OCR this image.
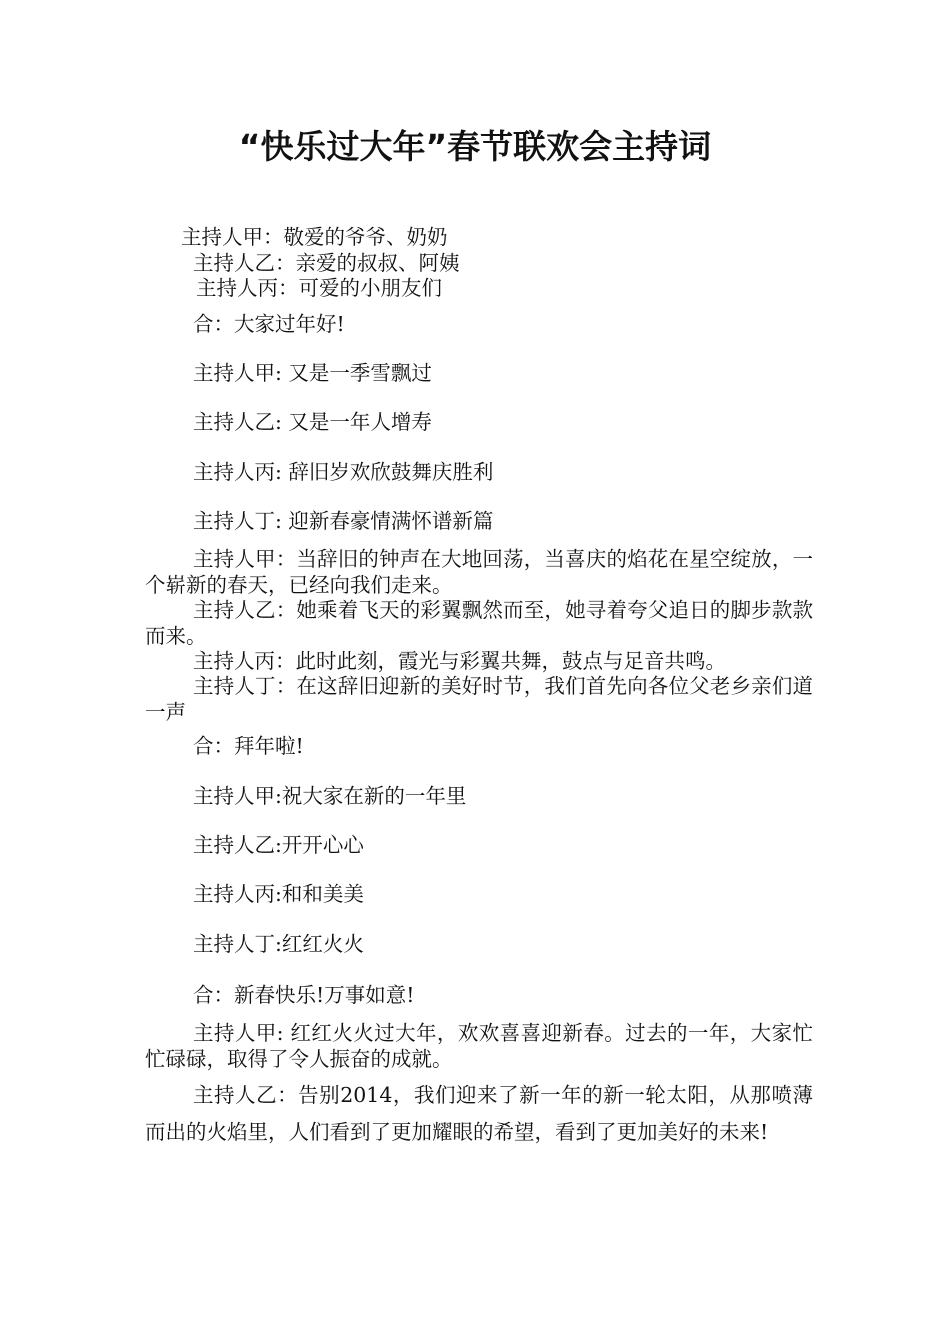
“快乐过大年”春节联欢会主持词
主持人甲：敬爱的爷爷、奶奶
主持人乙：亲爱的叔叔、阿姨
主持人丙：可爱的小朋友们
合：大家过年好!
主持人甲: 又是一季雪飘过
主持人乙: 又是一年人增寿
主持人丙: 辞旧岁欢欣鼓舞庆胜利
主持人丁: 迎新春豪情满怀谱新篇
主持人甲：当辞旧的钟声在大地回荡，当喜庆的焰花在星空绽放，一个崭新的春天，已经向我们走来。
主持人乙：她乘着飞天的彩翼飘然而至，她寻着夸父追日的脚步款款而来。
主持人丙：此时此刻，霞光与彩翼共舞，鼓点与足音共鸣。
主持人丁：在这辞旧迎新的美好时节，我们首先向各位父老乡亲们道一声
合：拜年啦!
主持人甲:祝大家在新的一年里
主持人乙:开开心心
主持人丙:和和美美
主持人丁:红红火火
合：新春快乐!万事如意!
主持人甲: 红红火火过大年，欢欢喜喜迎新春。过去的一年，大家忙忙碌碌，取得了令人振奋的成就。
主持人乙：告别2014，我们迎来了新一年的新一轮太阳，从那喷薄而出的火焰里，人们看到了更加耀眼的希望，看到了更加美好的未来!
